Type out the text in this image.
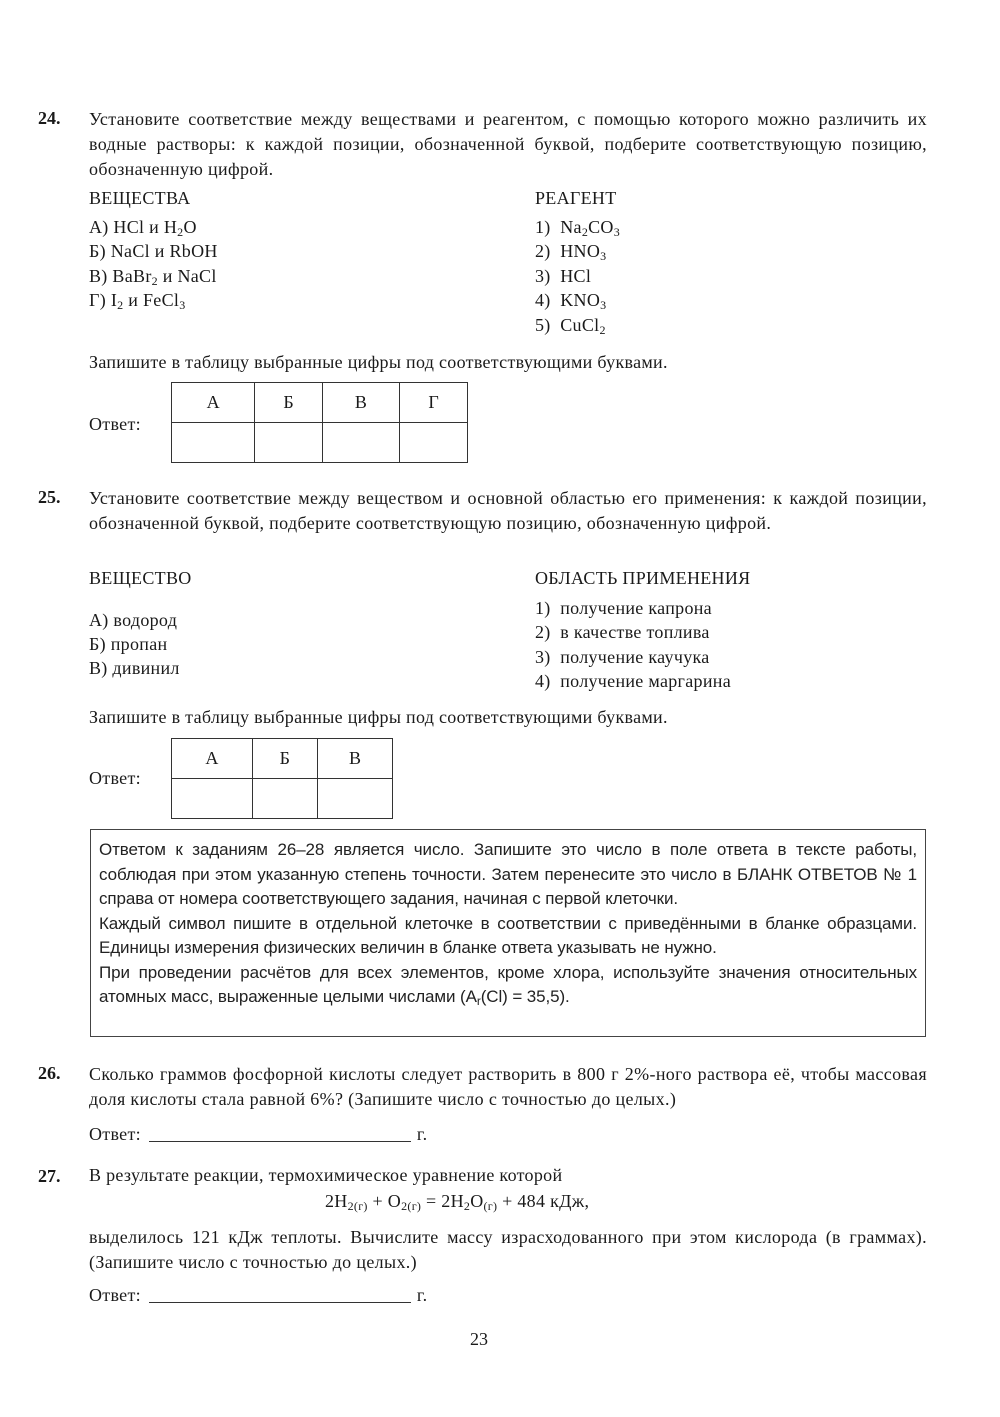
24. Установите соответствие между веществами и реагентом, с помощью которого можно различить их водные растворы: к каждой позиции, обозначенной буквой, подберите соответствующую позицию, обозначенную цифрой.
ВЕЩЕСТВА	РЕАГЕНТ
А) HCl и $H_2O$
Б) NaCl и RbOH
В) BaBr$_2$ и NaCl
Г) $I_2$ и FeCl$_3$
1) $Na_2CO_3$
2) $HNO_3$
3) HCl
4) $KNO_3$
5) CuCl$_2$
Запишите в таблицу выбранные цифры под соответствующими буквами.
Ответ:
А	Б	В	Г

25. Установите соответствие между веществом и основной областью его применения: к каждой позиции, обозначенной буквой, подберите соответствующую позицию, обозначенную цифрой.
ВЕЩЕСТВО	ОБЛАСТЬ ПРИМЕНЕНИЯ
А) водород
Б) пропан
В) дивинил
1) получение капрона
2) в качестве топлива
3) получение каучука
4) получение маргарина
Запишите в таблицу выбранные цифры под соответствующими буквами.
Ответ:
А	Б	В

Ответом к заданиям 26–28 является число. Запишите это число в поле ответа в тексте работы, соблюдая при этом указанную степень точности. Затем перенесите это число в БЛАНК ОТВЕТОВ № 1 справа от номера соответствующего задания, начиная с первой клеточки.

Каждый символ пишите в отдельной клеточке в соответствии с приведёнными в бланке образцами. Единицы измерения физических величин в бланке ответа указывать не нужно.

При проведении расчётов для всех элементов, кроме хлора, используйте значения относительных атомных масс, выраженные целыми числами $(A_r(Cl) = 35,5)$.

26. Сколько граммов фосфорной кислоты следует растворить в 800 г 2%-ного раствора её, чтобы массовая доля кислоты стала равной 6%? (Запишите число с точностью до целых.)
Ответ:	г.
27. В результате реакции, термохимическое уравнение которой
$2H_{2(г)} + O_{2(г)} = 2H_2O_{(г)} + 484$ кДж,
выделилось 121 кДж теплоты. Вычислите массу израсходованного при этом кислорода (в граммах). (Запишите число с точностью до целых.)
Ответ:	г.
23
